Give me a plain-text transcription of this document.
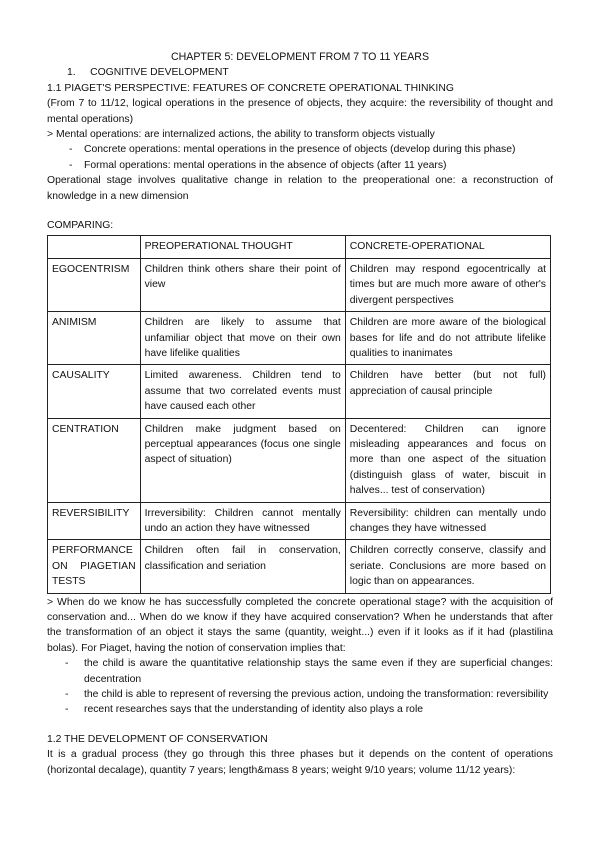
CHAPTER 5: DEVELOPMENT FROM 7 TO 11 YEARS

1.     COGNITIVE DEVELOPMENT

1.1 PIAGET'S PERSPECTIVE: FEATURES OF CONCRETE OPERATIONAL THINKING

(From 7 to 11/12, logical operations in the presence of objects, they acquire: the reversibility of thought and mental operations)

> Mental operations: are internalized actions, the ability to transform objects vistually

- Concrete operations: mental operations in the presence of objects (develop during this phase)
- Formal operations: mental operations in the absence of objects (after 11 years)

Operational stage involves qualitative change in relation to the preoperational one: a reconstruction of knowledge in a new dimension

COMPARING:

	PREOPERATIONAL THOUGHT	CONCRETE-OPERATIONAL
EGOCENTRISM	Children think others share their point of view	Children may respond egocentrically at times but are much more aware of other's divergent perspectives
ANIMISM	Children are likely to assume that unfamiliar object that move on their own have lifelike qualities	Children are more aware of the biological bases for life and do not attribute lifelike qualities to inanimates
CAUSALITY	Limited awareness. Children tend to assume that two correlated events must have caused each other	Children have better (but not full) appreciation of causal principle
CENTRATION	Children make judgment based on perceptual appearances (focus one single aspect of situation)	Decentered: Children can ignore misleading appearances and focus on more than one aspect of the situation (distinguish glass of water, biscuit in halves... test of conservation)
REVERSIBILITY	Irreversibility: Children cannot mentally undo an action they have witnessed	Reversibility: children can mentally undo changes they have witnessed
PERFORMANCE ON PIAGETIAN TESTS	Children often fail in conservation, classification and seriation	Children correctly conserve, classify and seriate. Conclusions are more based on logic than on appearances.

> When do we know he has successfully completed the concrete operational stage? with the acquisition of conservation and... When do we know if they have acquired conservation? When he understands that after the transformation of an object it stays the same (quantity, weight...) even if it looks as if it had (plastilina bolas). For Piaget, having the notion of conservation implies that:

- the child is aware the quantitative relationship stays the same even if they are superficial changes: decentration
- the child is able to represent of reversing the previous action, undoing the transformation: reversibility
- recent researches says that the understanding of identity also plays a role

1.2 THE DEVELOPMENT OF CONSERVATION

It is a gradual process (they go through this three phases but it depends on the content of operations (horizontal decalage), quantity 7 years; length&mass 8 years; weight 9/10 years; volume 11/12 years):
